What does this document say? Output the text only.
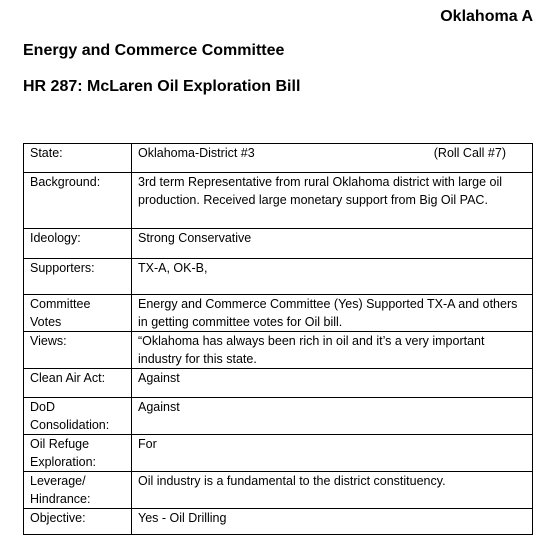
Oklahoma A
Energy and Commerce Committee
HR 287: McLaren Oil Exploration Bill
State:	Oklahoma-District #3 (Roll Call #7)

Background:	3rd term Representative from rural Oklahoma district with large oil production. Received large monetary support from Big Oil PAC.
Ideology:	Strong Conservative
Supporters:	TX-A, OK-B,
Committee Votes	Energy and Commerce Committee (Yes) Supported TX-A and others in getting committee votes for Oil bill.
Views:	“Oklahoma has always been rich in oil and it’s a very important industry for this state.
Clean Air Act:	Against
DoD Consolidation:	Against
Oil Refuge Exploration:	For
Leverage/ Hindrance:	Oil industry is a fundamental to the district constituency.
Objective:	Yes - Oil Drilling
